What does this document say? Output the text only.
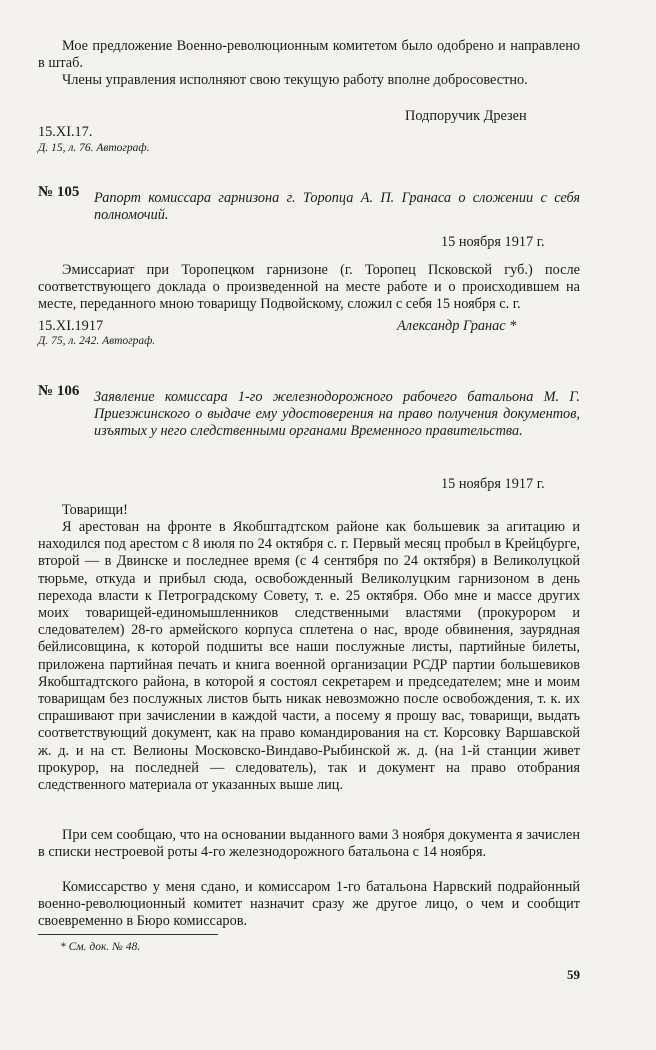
Мое предложение Военно-революционным комитетом было одобрено и направлено в штаб.

Члены управления исполняют свою текущую работу вполне добросовестно.

Подпоручик Дрезен
15.XI.17.
Д. 15, л. 76. Автограф.
№ 105 Рапорт комиссара гарнизона г. Торопца А. П. Гранаса о сложении с себя полномочий.

15 ноября 1917 г.

Эмиссариат при Торопецком гарнизоне (г. Торопец Псковской губ.) после соответствующего доклада о произведенной на месте работе и о происходившем на месте, переданного мною товарищу Подвойскому, сложил с себя 15 ноября с. г.

15.XI.1917	Александр Гранас *
Д. 75, л. 242. Автограф.
№ 106 Заявление комиссара 1-го железнодорожного рабочего батальона М. Г. Приезжинского о выдаче ему удостоверения на право получения документов, изъятых у него следственными органами Временного правительства.

15 ноября 1917 г.
Товарищи!

Я арестован на фронте в Якобштадтском районе как большевик за агитацию и находился под арестом с 8 июля по 24 октября с. г. Первый месяц пробыл в Крейцбурге, второй — в Двинске и последнее время (с 4 сентября по 24 октября) в Великолуцкой тюрьме, откуда и прибыл сюда, освобожденный Великолуцким гарнизоном в день перехода власти к Петроградскому Совету, т. е. 25 октября. Обо мне и массе других моих товарищей-единомышленников следственными властями (прокурором и следователем) 28-го армейского корпуса сплетена о нас, вроде обвинения, заурядная бейлисовщина, к которой подшиты все наши послужные листы, партийные билеты, приложена партийная печать и книга военной организации РСДР партии большевиков Якобштадтского района, в которой я состоял секретарем и председателем; мне и моим товарищам без послужных листов быть никак невозможно после освобождения, т. к. их спрашивают при зачислении в каждой части, а посему я прошу вас, товарищи, выдать соответствующий документ, как на право командирования на ст. Корсовку Варшавской ж. д. и на ст. Велионы Московско-Виндаво-Рыбинской ж. д. (на 1-й станции живет прокурор, на последней — следователь), так и документ на право отобрания следственного материала от указанных выше лиц.

При сем сообщаю, что на основании выданного вами 3 ноября документа я зачислен в списки нестроевой роты 4-го железнодорожного батальона с 14 ноября.

Комиссарство у меня сдано, и комиссаром 1-го батальона Нарвский подрайонный военно-революционный комитет назначит сразу же другое лицо, о чем и сообщит своевременно в Бюро комиссаров.

* См. док. № 48.
59
